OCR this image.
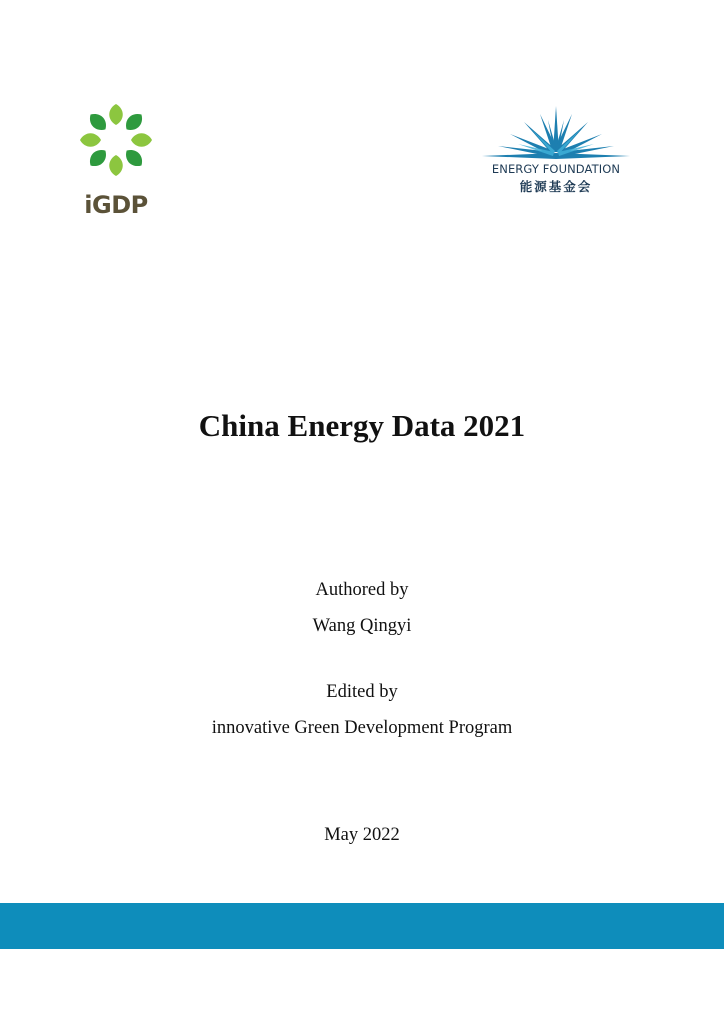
iGDP
ENERGY FOUNDATION
能源基金会
China Energy Data 2021
Authored by
Wang Qingyi
Edited by
innovative Green Development Program
May 2022
